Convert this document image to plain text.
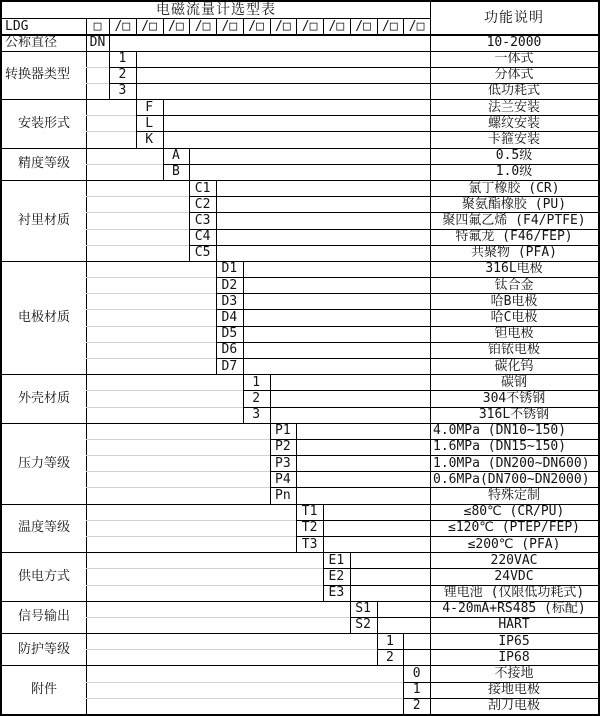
电磁流量计选型表
功能说明
LDG	□	/□ /□ /□ /□ /□ /□ /□ /□ /□ /□ /□ /□
公称直径	DN	10-2000
转换器类型
1	一体式
2	分体式
3	低功耗式
安装形式
F	法兰安装
L	螺纹安装
K	卡箍安装
精度等级
A	0.5级
B	1.0级
衬里材质
C1	氯丁橡胶 (CR)
C2	聚氨酯橡胶 (PU)
C3	聚四氟乙烯 (F4/PTFE)
C4	特氟龙 (F46/FEP)
C5	共聚物 (PFA)
电极材质
D1	316L电极
D2	钛合金
D3	哈B电极
D4	哈C电极
D5	钽电极
D6	铂铱电极
D7	碳化钨
外壳材质
1	碳钢
2	304不锈钢
3	316L不锈钢
压力等级
P1	4.0MPa (DN10~150)
P2	1.6MPa (DN15~150)
P3	1.0MPa (DN200~DN600)
P4	0.6MPa(DN700~DN2000)
Pn	特殊定制
温度等级
T1	≤80℃ (CR/PU)
T2	≤120℃ (PTEP/FEP)
T3	≤200℃ (PFA)
供电方式
E1	220VAC
E2	24VDC
E3	锂电池 (仅限低功耗式)
信号输出
S1	4-20mA+RS485 (标配)
S2	HART
防护等级
1	IP65
2	IP68
附件
0	不接地
1	接地电极
2	刮刀电极
